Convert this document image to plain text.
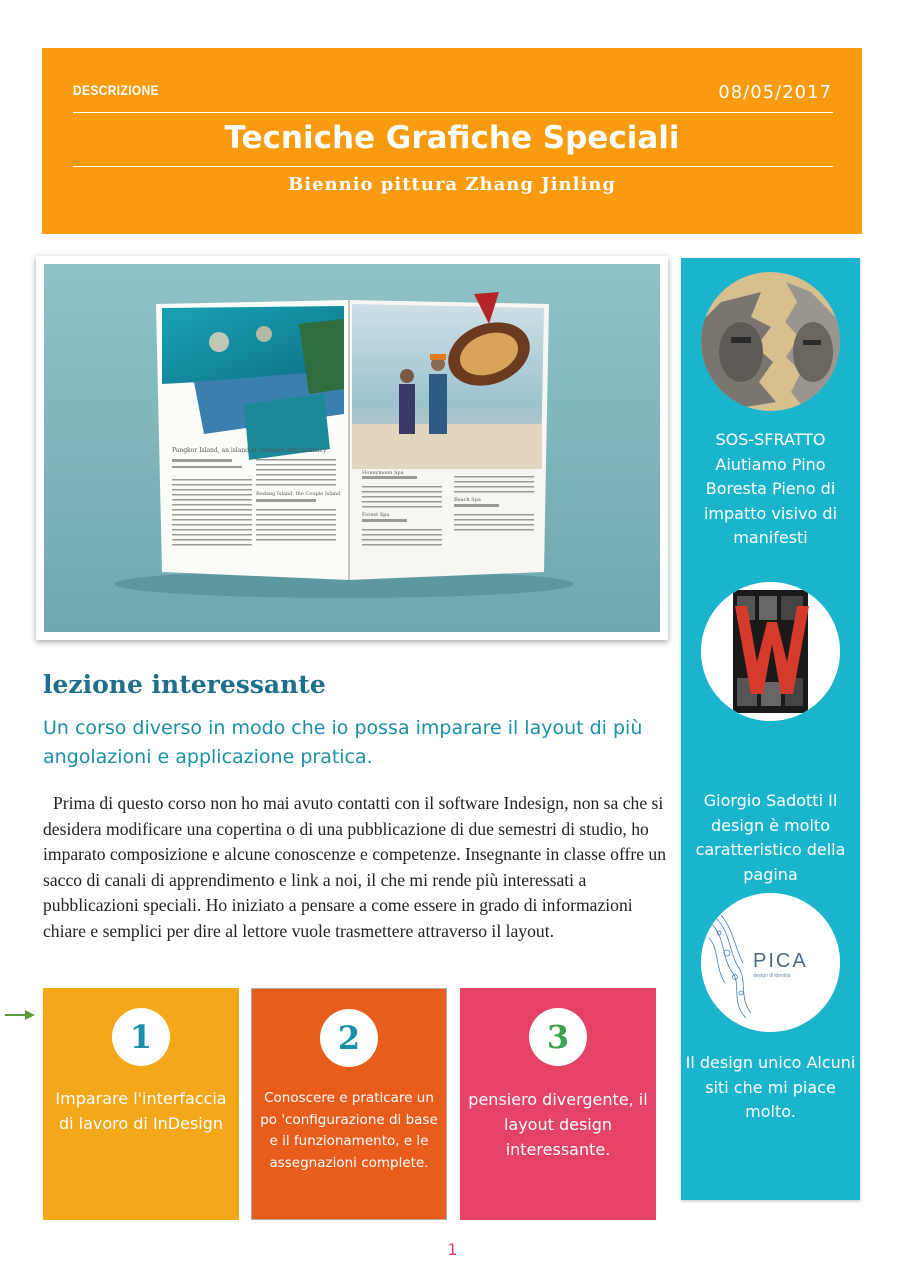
DESCRIZIONE	08/05/2017
Tecniche Grafiche Speciali
Biennio pittura Zhang Jinling
Pangkor Island, an island of romance and intimacy
Redang Island, the Couple Island
Honeymoon Spa
Forest Spa
Beach Spa
lezione interessante
Un corso diverso in modo che io possa imparare il layout di più angolazioni e applicazione pratica.
Prima di questo corso non ho mai avuto contatti con il software Indesign, non sa che si desidera modificare una copertina o di una pubblicazione di due semestri di studio, ho imparato composizione e alcune conoscenze e competenze. Insegnante in classe offre un sacco di canali di apprendimento e link a noi, il che mi rende più interessati a pubblicazioni speciali. Ho iniziato a pensare a come essere in grado di informazioni chiare e semplici per dire al lettore vuole trasmettere attraverso il layout.
1
Imparare l'interfaccia di lavoro di InDesign
2
Conoscere e praticare un po 'configurazione di base e il funzionamento, e le assegnazioni complete.
3
pensiero divergente, il layout design interessante.
1
SOS-SFRATTO Aiutiamo Pino Boresta Pieno di impatto visivo di manifesti
Giorgio Sadotti Il design è molto caratteristico della pagina
PICA
design di identità
Il design unico Alcuni siti che mi piace molto.
